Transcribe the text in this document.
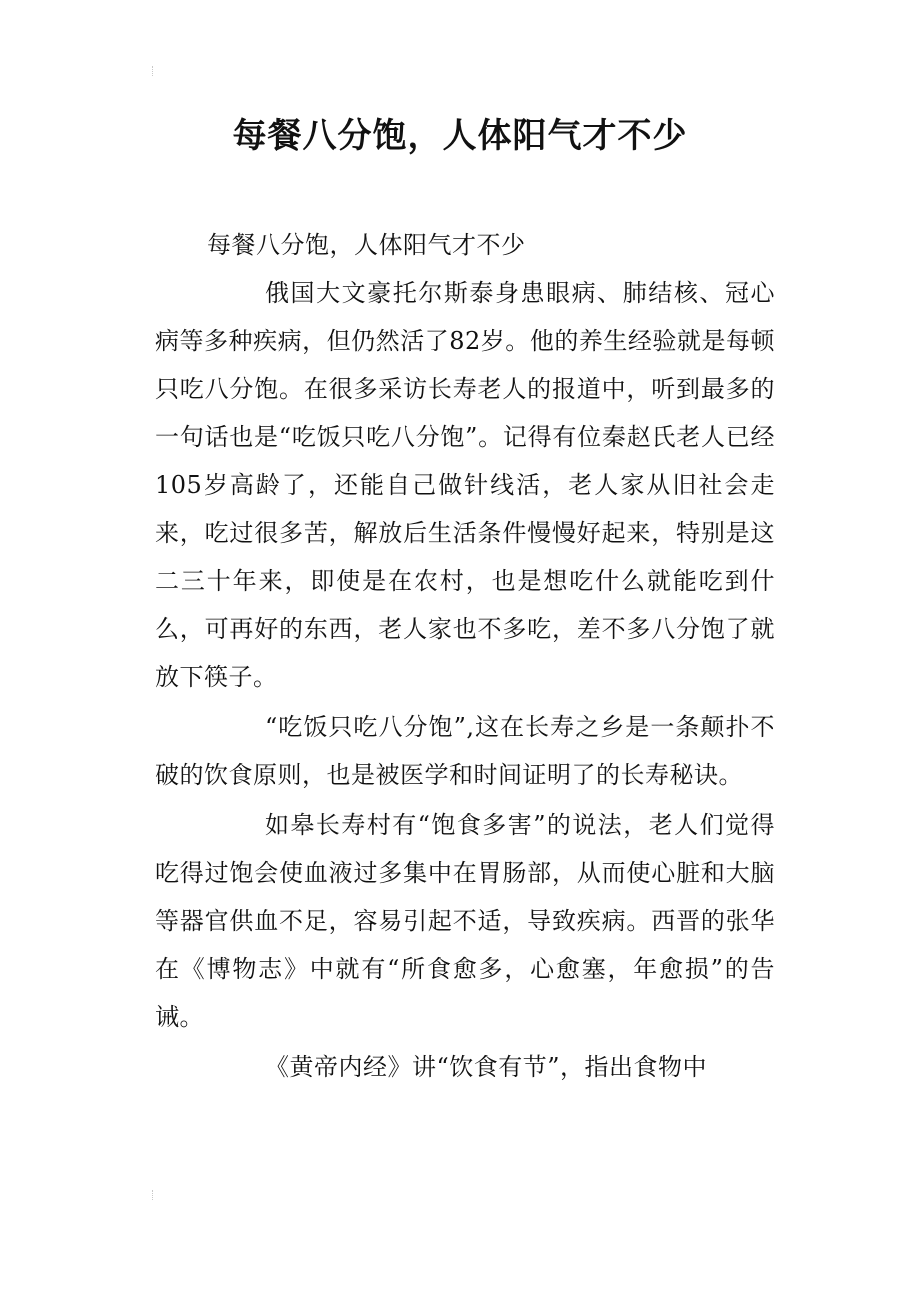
每餐八分饱，人体阳气才不少

每餐八分饱，人体阳气才不少

俄国大文豪托尔斯泰身患眼病、肺结核、冠心病等多种疾病，但仍然活了82岁。他的养生经验就是每顿只吃八分饱。在很多采访长寿老人的报道中，听到最多的一句话也是“吃饭只吃八分饱”。记得有位秦赵氏老人已经105岁高龄了，还能自己做针线活，老人家从旧社会走来，吃过很多苦，解放后生活条件慢慢好起来，特别是这二三十年来，即使是在农村，也是想吃什么就能吃到什么，可再好的东西，老人家也不多吃，差不多八分饱了就放下筷子。

“吃饭只吃八分饱”,这在长寿之乡是一条颠扑不破的饮食原则，也是被医学和时间证明了的长寿秘诀。

如皋长寿村有“饱食多害”的说法，老人们觉得吃得过饱会使血液过多集中在胃肠部，从而使心脏和大脑等器官供血不足，容易引起不适，导致疾病。西晋的张华在《博物志》中就有“所食愈多，心愈塞，年愈损”的告诫。

《黄帝内经》讲“饮食有节”，指出食物中
